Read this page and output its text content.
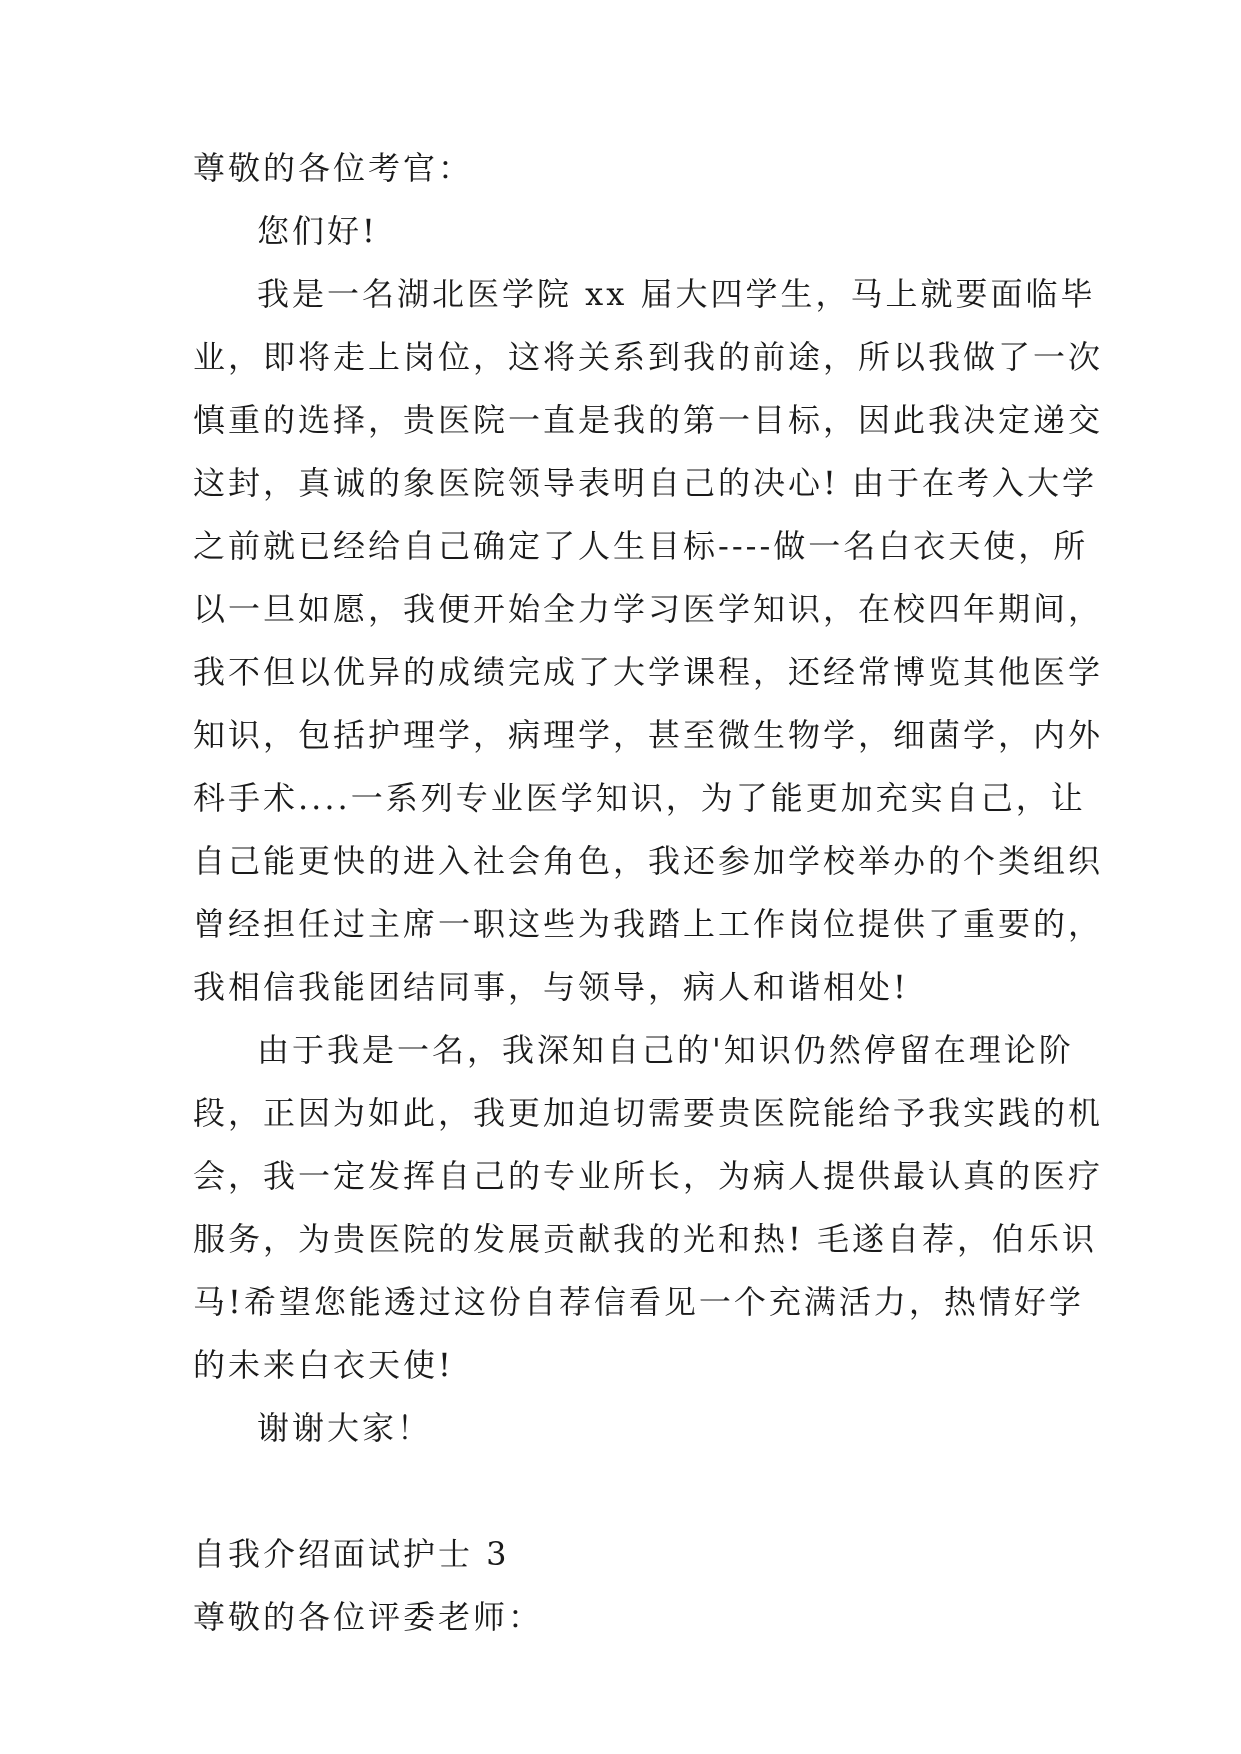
尊敬的各位考官：
您们好!
我是一名湖北医学院 xx 届大四学生，马上就要面临毕
业，即将走上岗位，这将关系到我的前途，所以我做了一次
慎重的选择，贵医院一直是我的第一目标，因此我决定递交
这封，真诚的象医院领导表明自己的决心! 由于在考入大学
之前就已经给自己确定了人生目标----做一名白衣天使，所
以一旦如愿，我便开始全力学习医学知识，在校四年期间，
我不但以优异的成绩完成了大学课程，还经常博览其他医学
知识，包括护理学，病理学，甚至微生物学，细菌学，内外
科手术....一系列专业医学知识，为了能更加充实自己，让
自己能更快的进入社会角色，我还参加学校举办的个类组织
曾经担任过主席一职这些为我踏上工作岗位提供了重要的，
我相信我能团结同事，与领导，病人和谐相处!
由于我是一名，我深知自己的'知识仍然停留在理论阶
段，正因为如此，我更加迫切需要贵医院能给予我实践的机
会，我一定发挥自己的专业所长，为病人提供最认真的医疗
服务，为贵医院的发展贡献我的光和热! 毛遂自荐，伯乐识
马!希望您能透过这份自荐信看见一个充满活力，热情好学
的未来白衣天使!
谢谢大家！
自我介绍面试护士 3
尊敬的各位评委老师：
